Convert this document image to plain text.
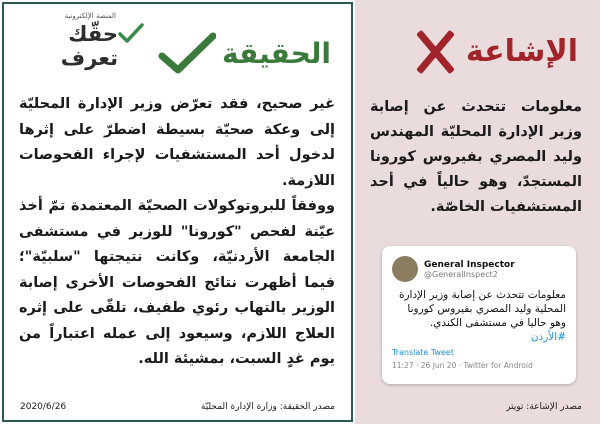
المنصة الإلكترونية
حقّك تعرف	الحقيقة
غير صحيح، فقد تعرّض وزير الإدارة المحليّة إلى وعكة صحيّة بسيطة اضطرّ على إثرها لدخول أحد المستشفيات لإجراء الفحوصات اللازمة.
ووفقاً للبروتوكولات الصحيّة المعتمدة تمّ أخذ عيّنة لفحص "كورونا" للوزير في مستشفى الجامعة الأردنيّة، وكانت نتيجتها "سلبيّة"؛ فيما أظهرت نتائج الفحوصات الأخرى إصابة الوزير بالتهاب رئوي طفيف، تلقّى على إثره العلاج اللازم، وسيعود إلى عمله اعتباراً من يوم غدٍ السبت، بمشيئة الله.
مصدر الحقيقة: وزارة الإدارة المحليّة
2020/6/26
الإشاعة
معلومات تتحدث عن إصابة وزير الإدارة المحليّة المهندس وليد المصري بفيروس كورونا المستجدّ، وهو حالياً في أحد المستشفيات الخاصّة.
General Inspector
@GeneralInspect2
معلومات تتحدث عن إصابة وزير الإدارة المحلية وليد المصري بفيروس كورونا وهو حاليا في مستشفى الكندي. #الأردن
Translate Tweet
11:27 · 26 Jun 20 · Twitter for Android
مصدر الإشاعة: تويتر
